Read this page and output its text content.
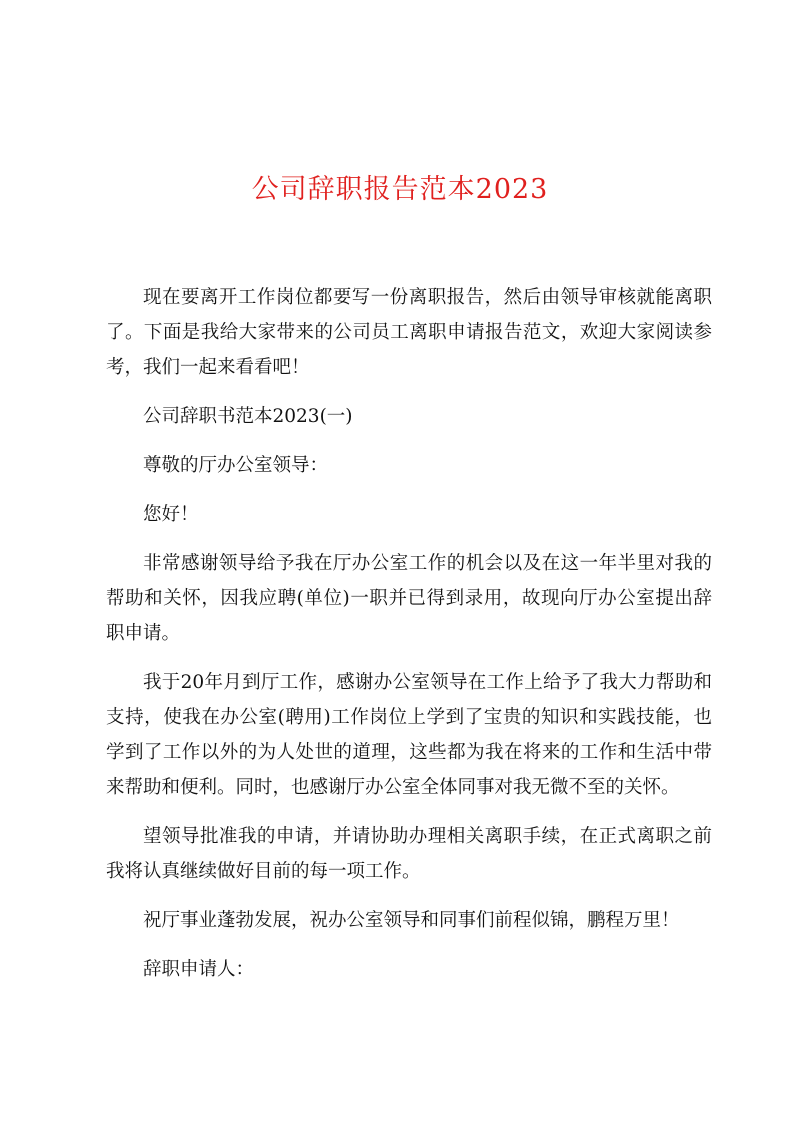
公司辞职报告范本2023

现在要离开工作岗位都要写一份离职报告，然后由领导审核就能离职了。下面是我给大家带来的公司员工离职申请报告范文，欢迎大家阅读参考，我们一起来看看吧！

公司辞职书范本2023(一)

尊敬的厅办公室领导：

您好！

非常感谢领导给予我在厅办公室工作的机会以及在这一年半里对我的帮助和关怀，因我应聘(单位)一职并已得到录用，故现向厅办公室提出辞职申请。

我于20年月到厅工作，感谢办公室领导在工作上给予了我大力帮助和支持，使我在办公室(聘用)工作岗位上学到了宝贵的知识和实践技能，也学到了工作以外的为人处世的道理，这些都为我在将来的工作和生活中带来帮助和便利。同时，也感谢厅办公室全体同事对我无微不至的关怀。

望领导批准我的申请，并请协助办理相关离职手续，在正式离职之前我将认真继续做好目前的每一项工作。

祝厅事业蓬勃发展，祝办公室领导和同事们前程似锦，鹏程万里！

辞职申请人：
